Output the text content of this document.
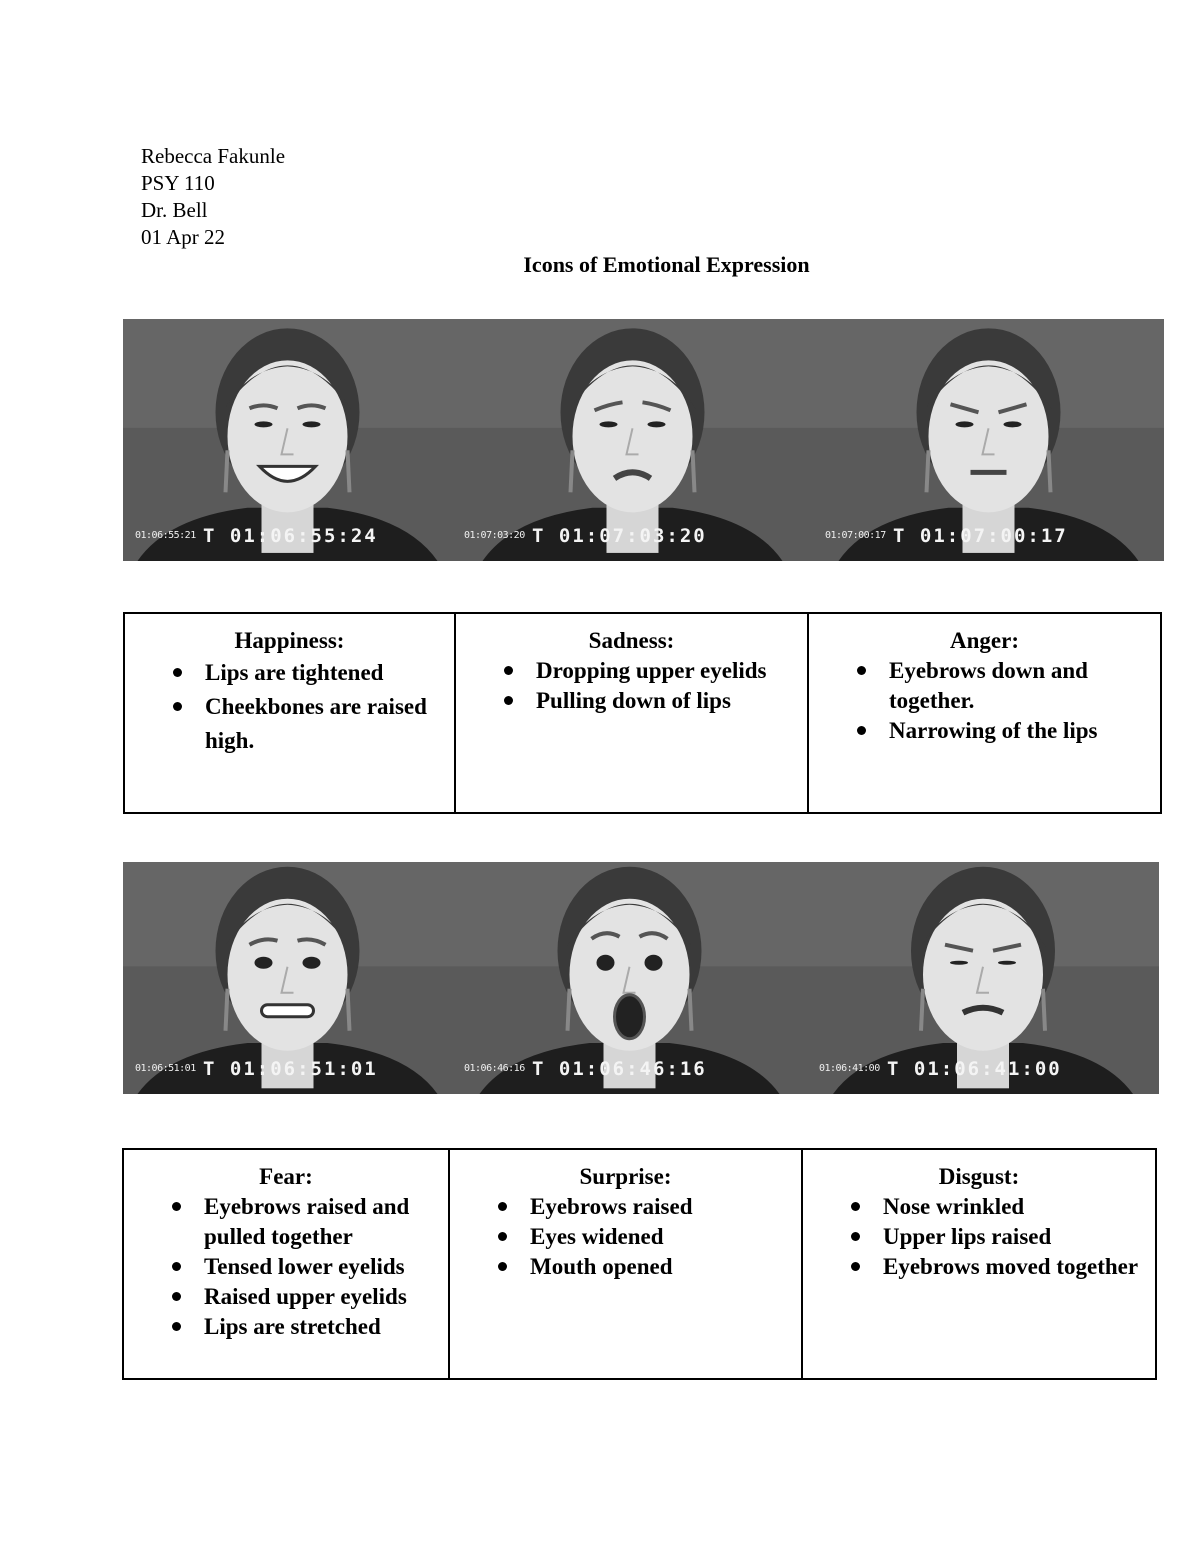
Rebecca Fakunle
PSY 110
Dr. Bell
01 Apr 22
Icons of Emotional Expression
01:06:55:21 T 01:06:55:24	01:07:03:20 T 01:07:03:20	01:07:00:17 T 01:07:00:17
Happiness:
Lips are tightened
Cheekbones are raised high.
Sadness:
Dropping upper eyelids
Pulling down of lips
Anger:
Eyebrows down and together.
Narrowing of the lips
01:06:51:01 T 01:06:51:01	01:06:46:16 T 01:06:46:16	01:06:41:00 T 01:06:41:00
Fear:
Eyebrows raised and pulled together
Tensed lower eyelids
Raised upper eyelids
Lips are stretched
Surprise:
Eyebrows raised
Eyes widened
Mouth opened
Disgust:
Nose wrinkled
Upper lips raised
Eyebrows moved together
